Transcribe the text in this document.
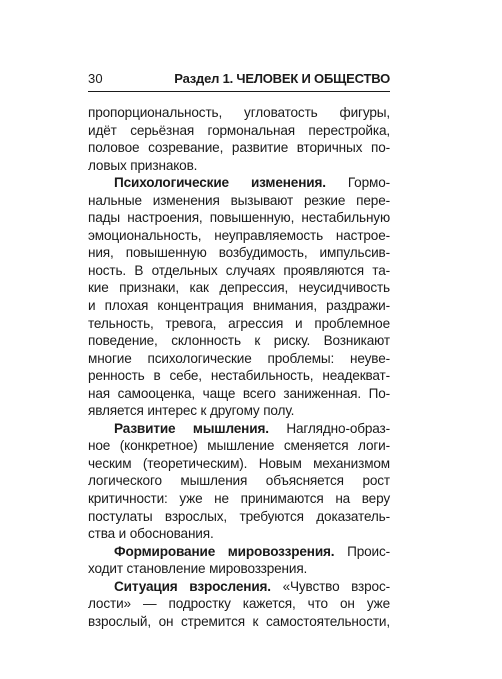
30	Раздел 1. ЧЕЛОВЕК И ОБЩЕСТВО
пропорциональность, угловатость фигуры,
идёт серьёзная гормональная перестройка,
половое созревание, развитие вторичных по-
ловых признаков.
Психологические изменения. Гормо-
нальные изменения вызывают резкие пере-
пады настроения, повышенную, нестабильную
эмоциональность, неуправляемость настрое-
ния, повышенную возбудимость, импульсив-
ность. В отдельных случаях проявляются та-
кие признаки, как депрессия, неусидчивость
и плохая концентрация внимания, раздражи-
тельность, тревога, агрессия и проблемное
поведение, склонность к риску. Возникают
многие психологические проблемы: неуве-
ренность в себе, нестабильность, неадекват-
ная самооценка, чаще всего заниженная. По-
является интерес к другому полу.
Развитие мышления. Наглядно-образ-
ное (конкретное) мышление сменяется логи-
ческим (теоретическим). Новым механизмом
логического мышления объясняется рост
критичности: уже не принимаются на веру
постулаты взрослых, требуются доказатель-
ства и обоснования.
Формирование мировоззрения. Проис-
ходит становление мировоззрения.
Ситуация взросления. «Чувство взрос-
лости» — подростку кажется, что он уже
взрослый, он стремится к самостоятельности,
